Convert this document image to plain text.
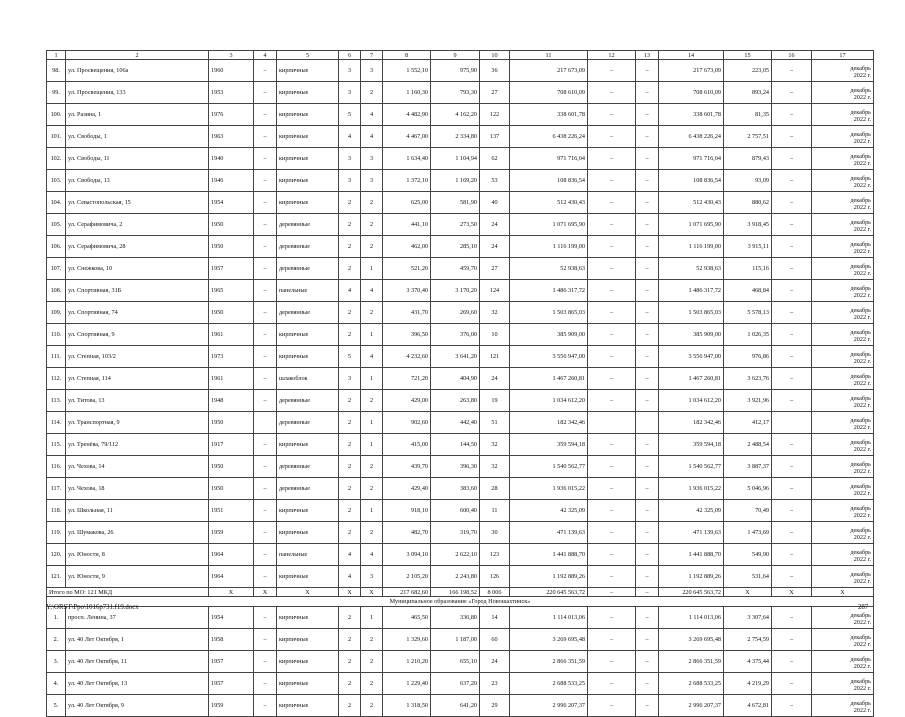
1	2	3	4	5	6	7	8	9	10	11	12	13	14	15	16	17
98.	ул. Просвещения, 106а	1960	–	кирпичные	3	3	1 552,10	975,90	36	217 673,09	–	–	217 673,09	223,05	–	декабрь
2022 г.

99.	ул. Просвещения, 133	1953	–	кирпичные	3	2	1 160,30	793,30	27	708 610,09	–	–	708 610,09	893,24	–	декабрь
2022 г.

100.	ул. Разина, 1	1976	–	кирпичные	5	4	4 482,90	4 162,20	122	338 601,78	–	–	338 601,78	81,35	–	декабрь
2022 г.

101.	ул. Свободы, 1	1963	–	кирпичные	4	4	4 467,00	2 334,80	137	6 438 226,24	–	–	6 438 226,24	2 757,51	–	декабрь
2022 г.

102.	ул. Свободы, 11	1940	–	кирпичные	3	3	1 634,40	1 104,94	62	971 716,04	–	–	971 716,04	879,43	–	декабрь
2022 г.

103.	ул. Свободы, 13	1946	–	кирпичные	3	3	1 372,10	1 169,20	53	108 836,54	–	–	108 836,54	93,09	–	декабрь
2022 г.

104.	ул. Севастопольская, 15	1954	–	кирпичные	2	2	625,00	581,90	40	512 430,43	–	–	512 430,43	880,62	–	декабрь
2022 г.

105.	ул. Серафимовича, 2	1950	–	деревянные	2	2	441,10	273,50	24	1 071 695,90	–	–	1 071 695,90	3 918,45	–	декабрь
2022 г.

106.	ул. Серафимовича, 28	1950	–	деревянные	2	2	462,00	285,10	24	1 116 199,00	–	–	1 116 199,00	3 915,11	–	декабрь
2022 г.

107.	ул. Снежкова, 10	1957	–	деревянные	2	1	521,20	459,70	27	52 938,63	–	–	52 938,63	115,16	–	декабрь
2022 г.

108.	ул. Спортивная, 31Б	1965	–	панельные	4	4	3 370,40	3 170,20	124	1 486 317,72	–	–	1 486 317,72	468,84	–	декабрь
2022 г.

109.	ул. Спортивная, 74	1950	–	деревянные	2	2	431,70	269,60	32	1 503 865,03	–	–	1 503 865,03	5 578,13	–	декабрь
2022 г.

110.	ул. Спортивная, 9	1961	–	кирпичные	2	1	396,50	376,00	10	385 909,00	–	–	385 909,00	1 026,35	–	декабрь
2022 г.

111.	ул. Степная, 103/2	1973	–	кирпичные	5	4	4 232,60	3 641,20	121	3 556 947,00	–	–	3 556 947,00	976,86	–	декабрь
2022 г.

112.	ул. Степная, 114	1961	–	шлакоблок	3	1	721,20	404,90	24	1 467 260,81	–	–	1 467 260,81	3 623,76	–	декабрь
2022 г.

113.	ул. Титова, 13	1948	–	деревянные	2	2	429,00	263,80	19	1 034 612,20	–	–	1 034 612,20	3 921,96	–	декабрь
2022 г.

114.	ул. Транспортная, 9	1950		деревянные	2	1	902,60	442,40	51	182 342,46			182 342,46	412,17		декабрь
2022 г.

115.	ул. Тренёва, 79/112	1917	–	кирпичные	2	1	415,00	144,50	32	359 594,18	–	–	359 594,18	2 488,54	–	декабрь
2022 г.

116.	ул. Чехова, 14	1950	–	деревянные	2	2	439,70	396,30	32	1 540 562,77	–	–	1 540 562,77	3 887,37	–	декабрь
2022 г.

117.	ул. Чехова, 18	1950	–	деревянные	2	2	429,40	383,60	28	1 936 015,22	–	–	1 936 015,22	5 046,96	–	декабрь
2022 г.

118.	ул. Школьная, 11	1951	–	кирпичные	2	1	918,10	600,40	11	42 325,09	–	–	42 325,09	70,49	–	декабрь
2022 г.

119.	ул. Шумакова, 26	1959	–	кирпичные	2	2	482,70	319,70	30	471 139,63	–	–	471 139,63	1 473,69	–	декабрь
2022 г.

120.	ул. Юности, 8	1964	–	панельные	4	4	3 094,10	2 622,10	123	1 441 888,70	–	–	1 441 888,70	549,90	–	декабрь
2022 г.

121.	ул. Юности, 9	1964	–	кирпичные	4	3	2 105,20	2 243,80	126	1 192 889,26	–	–	1 192 889,26	531,64	–	декабрь
2022 г.

Итого по МО: 121 МКД		X	X	X	X	X	217 682,60	166 198,52	8 006	220 645 563,72	–	–	220 645 563,72	X	X	X
Муниципальное образование «Город Новошахтинск»																
1.	просп. Ленина, 37	1954	–	кирпичные	2	1	465,50	336,80	14	1 114 013,06	–	–	1 114 013,06	3 307,64	–	декабрь
2022 г.

2.	ул. 40 Лет Октября, 1	1958	–	кирпичные	2	2	1 329,60	1 187,00	60	3 269 695,48	–	–	3 269 695,48	2 754,59	–	декабрь
2022 г.

3.	ул. 40 Лет Октября, 11	1957	–	кирпичные	2	2	1 210,20	655,10	24	2 866 351,59	–	–	2 866 351,59	4 375,44	–	декабрь
2022 г.

4.	ул. 40 Лет Октября, 13	1957	–	кирпичные	2	2	1 229,40	637,20	23	2 688 533,25	–	–	2 688 533,25	4 219,29	–	декабрь
2022 г.

5.	ул. 40 Лет Октября, 9	1959	–	кирпичные	2	2	1 318,50	641,20	29	2 996 207,37	–	–	2 996 207,37	4 672,81	–	декабрь
2022 г.
Y:\ORST\Ppo\1016p731.f19.docx	287
